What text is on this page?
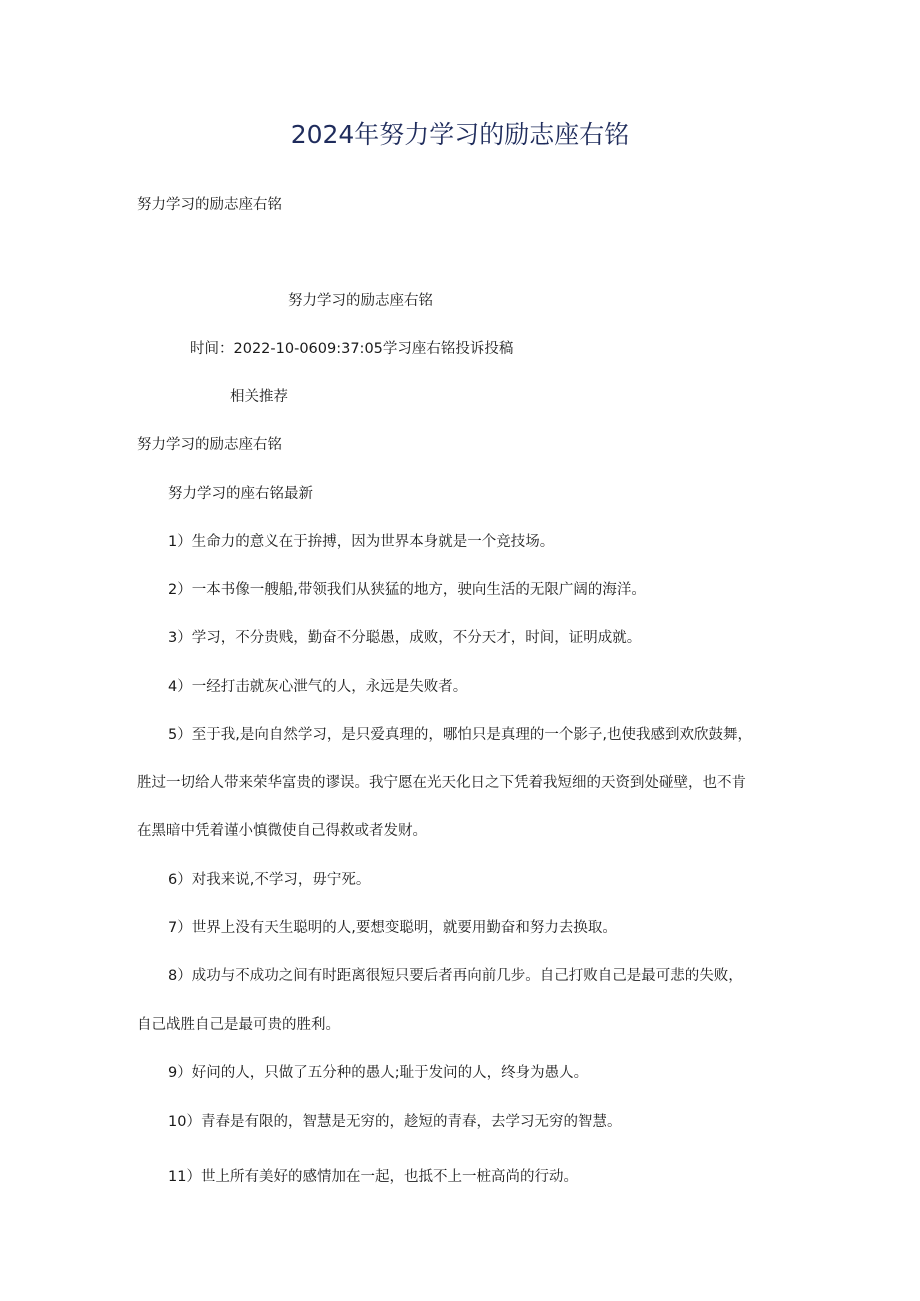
2024年努力学习的励志座右铭

努力学习的励志座右铭

努力学习的励志座右铭

时间：2022-10-0609:37:05学习座右铭投诉投稿

相关推荐

努力学习的励志座右铭

努力学习的座右铭最新

1）生命力的意义在于拚搏，因为世界本身就是一个竞技场。

2）一本书像一艘船,带领我们从狭猛的地方，驶向生活的无限广阔的海洋。

3）学习，不分贵贱，勤奋不分聪愚，成败，不分天才，时间，证明成就。

4）一经打击就灰心泄气的人，永远是失败者。

5）至于我,是向自然学习，是只爱真理的，哪怕只是真理的一个影子,也使我感到欢欣鼓舞，

胜过一切给人带来荣华富贵的谬误。我宁愿在光天化日之下凭着我短细的天资到处碰壁，也不肯

在黑暗中凭着谨小慎微使自己得救或者发财。

6）对我来说,不学习，毋宁死。

7）世界上没有天生聪明的人,要想变聪明，就要用勤奋和努力去换取。

8）成功与不成功之间有时距离很短只要后者再向前几步。自己打败自己是最可悲的失败，

自己战胜自己是最可贵的胜利。

9）好问的人，只做了五分种的愚人;耻于发问的人，终身为愚人。

10）青春是有限的，智慧是无穷的，趁短的青春，去学习无穷的智慧。

11）世上所有美好的感情加在一起，也抵不上一桩高尚的行动。
